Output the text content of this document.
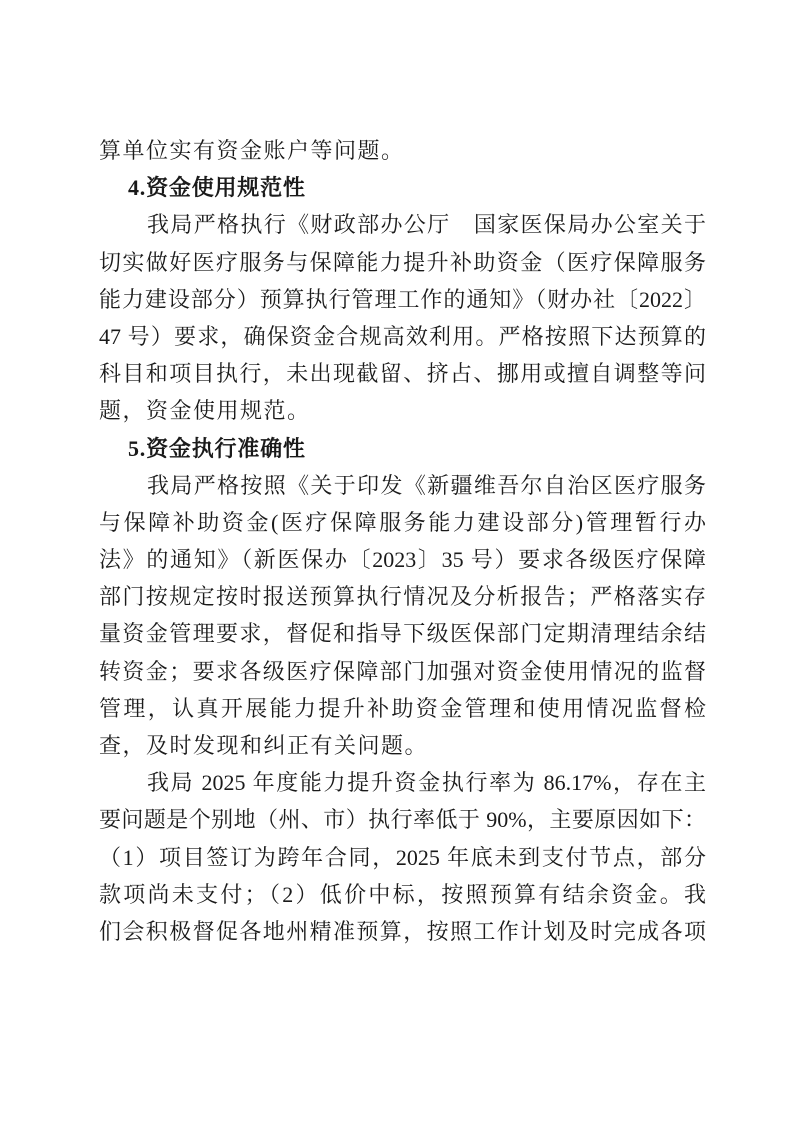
算单位实有资金账户等问题。
4.资金使用规范性
我局严格执行《财政部办公厅　国家医保局办公室关于
切实做好医疗服务与保障能力提升补助资金（医疗保障服务
能力建设部分）预算执行管理工作的通知》（财办社〔2022〕
47 号）要求，确保资金合规高效利用。严格按照下达预算的
科目和项目执行，未出现截留、挤占、挪用或擅自调整等问
题，资金使用规范。
5.资金执行准确性
我局严格按照《关于印发《新疆维吾尔自治区医疗服务
与保障补助资金(医疗保障服务能力建设部分)管理暂行办
法》的通知》（新医保办〔2023〕35 号）要求各级医疗保障
部门按规定按时报送预算执行情况及分析报告；严格落实存
量资金管理要求，督促和指导下级医保部门定期清理结余结
转资金；要求各级医疗保障部门加强对资金使用情况的监督
管理，认真开展能力提升补助资金管理和使用情况监督检
查，及时发现和纠正有关问题。
我局 2025 年度能力提升资金执行率为 86.17%，存在主
要问题是个别地（州、市）执行率低于 90%，主要原因如下：
（1）项目签订为跨年合同，2025 年底未到支付节点，部分
款项尚未支付；（2）低价中标，按照预算有结余资金。我
们会积极督促各地州精准预算，按照工作计划及时完成各项
